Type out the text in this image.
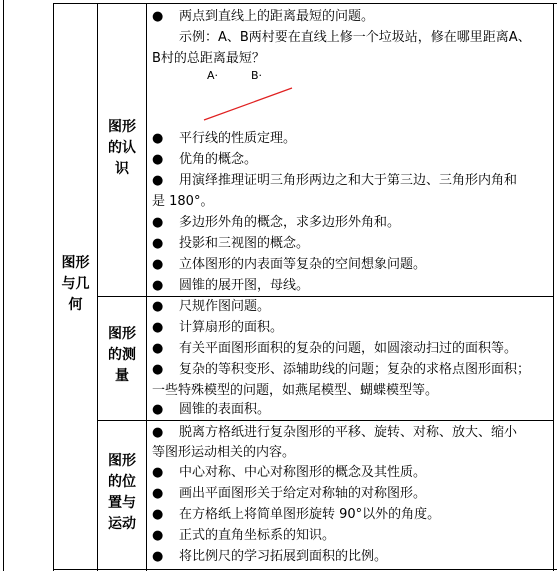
图形
与几
何
图形
的认
识
图形
的测
量
图形
的位
置与
运动
● 两点到直线上的距离最短的问题。
示例：A、B两村要在直线上修一个垃圾站，修在哪里距离A、
B村的总距离最短？
A·	B·
● 平行线的性质定理。
● 优角的概念。
● 用演绎推理证明三角形两边之和大于第三边、三角形内角和
是 180°。
● 多边形外角的概念，求多边形外角和。
● 投影和三视图的概念。
● 立体图形的内表面等复杂的空间想象问题。
● 圆锥的展开图，母线。
● 尺规作图问题。
● 计算扇形的面积。
● 有关平面图形面积的复杂的问题，如圆滚动扫过的面积等。
● 复杂的等积变形、添辅助线的问题；复杂的求格点图形面积；
一些特殊模型的问题，如燕尾模型、蝴蝶模型等。
● 圆锥的表面积。
● 脱离方格纸进行复杂图形的平移、旋转、对称、放大、缩小
等图形运动相关的内容。
● 中心对称、中心对称图形的概念及其性质。
● 画出平面图形关于给定对称轴的对称图形。
● 在方格纸上将简单图形旋转 90°以外的角度。
● 正式的直角坐标系的知识。
● 将比例尺的学习拓展到面积的比例。
